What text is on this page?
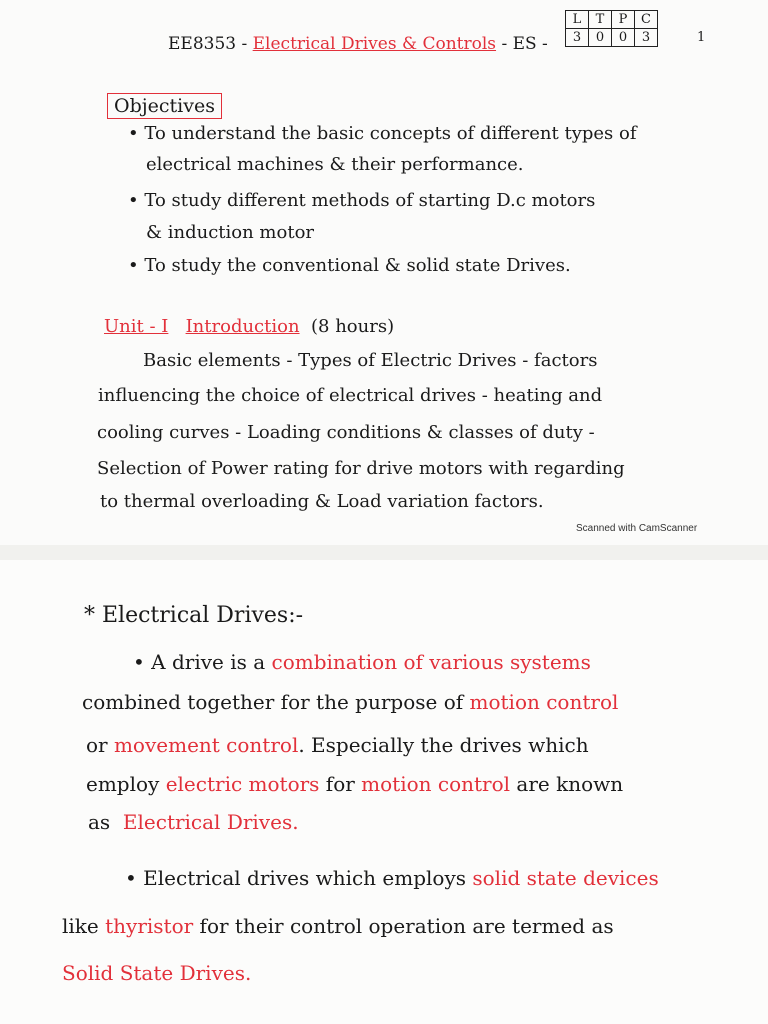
EE8353 - Electrical Drives & Controls - ES -
L	T	P	C
3	0	0	3	1
Objectives
• To understand the basic concepts of different types of
electrical machines & their performance.
• To study different methods of starting D.c motors
& induction motor
• To study the conventional & solid state Drives.
Unit - I Introduction (8 hours)
Basic elements - Types of Electric Drives - factors
influencing the choice of electrical drives - heating and
cooling curves - Loading conditions & classes of duty -
Selection of Power rating for drive motors with regarding
to thermal overloading & Load variation factors.
Scanned with CamScanner
* Electrical Drives:-
• A drive is a combination of various systems
combined together for the purpose of motion control
or movement control. Especially the drives which
employ electric motors for motion control are known
as Electrical Drives.
• Electrical drives which employs solid state devices
like thyristor for their control operation are termed as
Solid State Drives.
